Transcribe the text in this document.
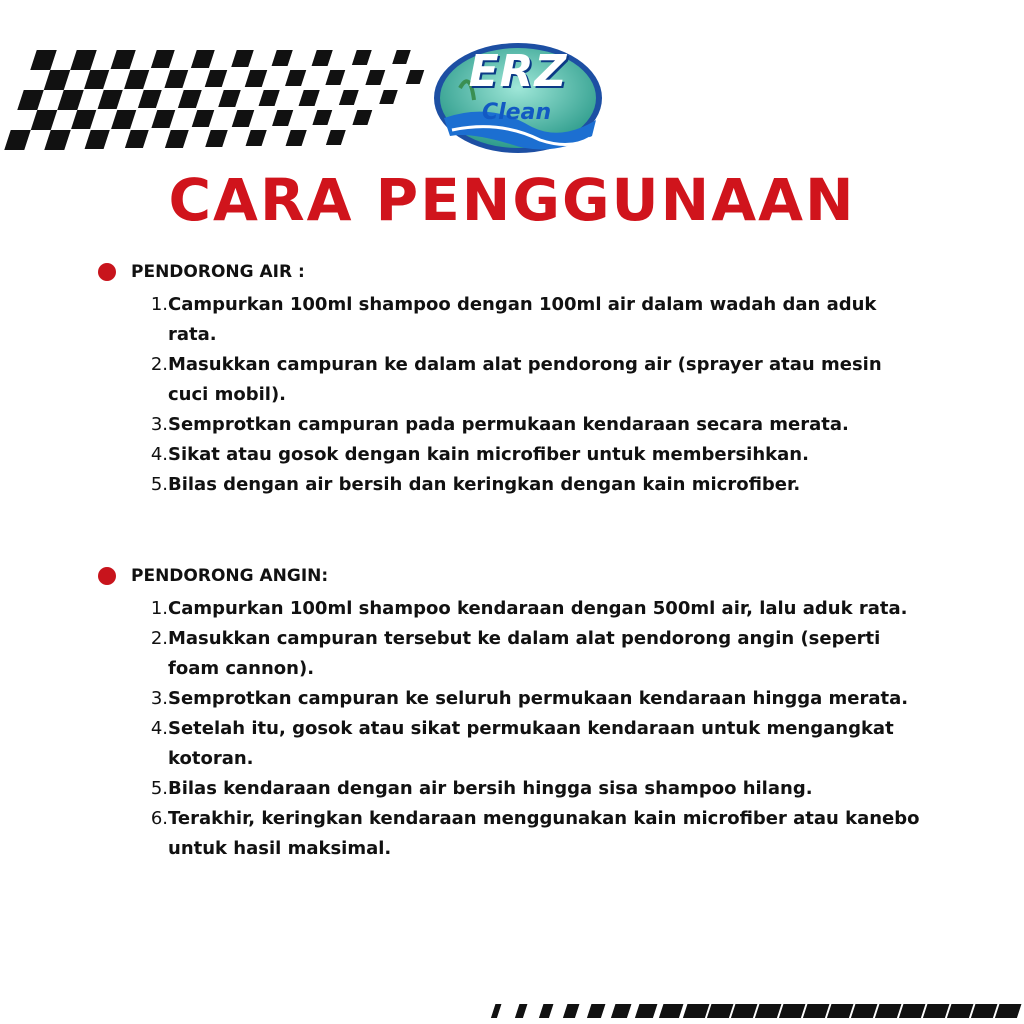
ERZ
Clean
CARA PENGGUNAAN
PENDORONG AIR :
1. Campurkan 100ml shampoo dengan 100ml air dalam wadah dan aduk rata.
2. Masukkan campuran ke dalam alat pendorong air (sprayer atau mesin cuci mobil).
3. Semprotkan campuran pada permukaan kendaraan secara merata.
4. Sikat atau gosok dengan kain microfiber untuk membersihkan.
5. Bilas dengan air bersih dan keringkan dengan kain microfiber.
PENDORONG ANGIN:
1. Campurkan 100ml shampoo kendaraan dengan 500ml air, lalu aduk rata.
2. Masukkan campuran tersebut ke dalam alat pendorong angin (seperti foam cannon).
3. Semprotkan campuran ke seluruh permukaan kendaraan hingga merata.
4. Setelah itu, gosok atau sikat permukaan kendaraan untuk mengangkat kotoran.
5. Bilas kendaraan dengan air bersih hingga sisa shampoo hilang.
6. Terakhir, keringkan kendaraan menggunakan kain microfiber atau kanebo untuk hasil maksimal.
